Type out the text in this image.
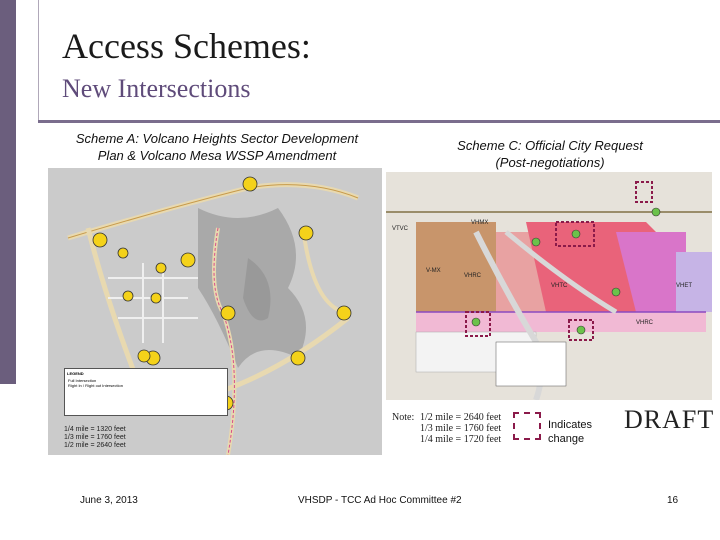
Access Schemes:
New Intersections
Scheme A: Volcano Heights Sector Development
Plan & Volcano Mesa WSSP Amendment
Scheme C: Official City Request
(Post-negotiations)
LEGEND
Full Intersection
Right In / Right out Intersection
1/4 mile = 1320 feet
1/3 mile = 1760 feet
1/2 mile = 2640 feet
VHMX
VHTC
VHRC
VHET
VHRC
V-MX
VTVC
Note: 1/2 mile = 2640 feet
1/3 mile = 1760 feet
1/4 mile = 1720 feet
Indicates
change
DRAFT
June 3, 2013	VHSDP - TCC Ad Hoc Committee #2	16
